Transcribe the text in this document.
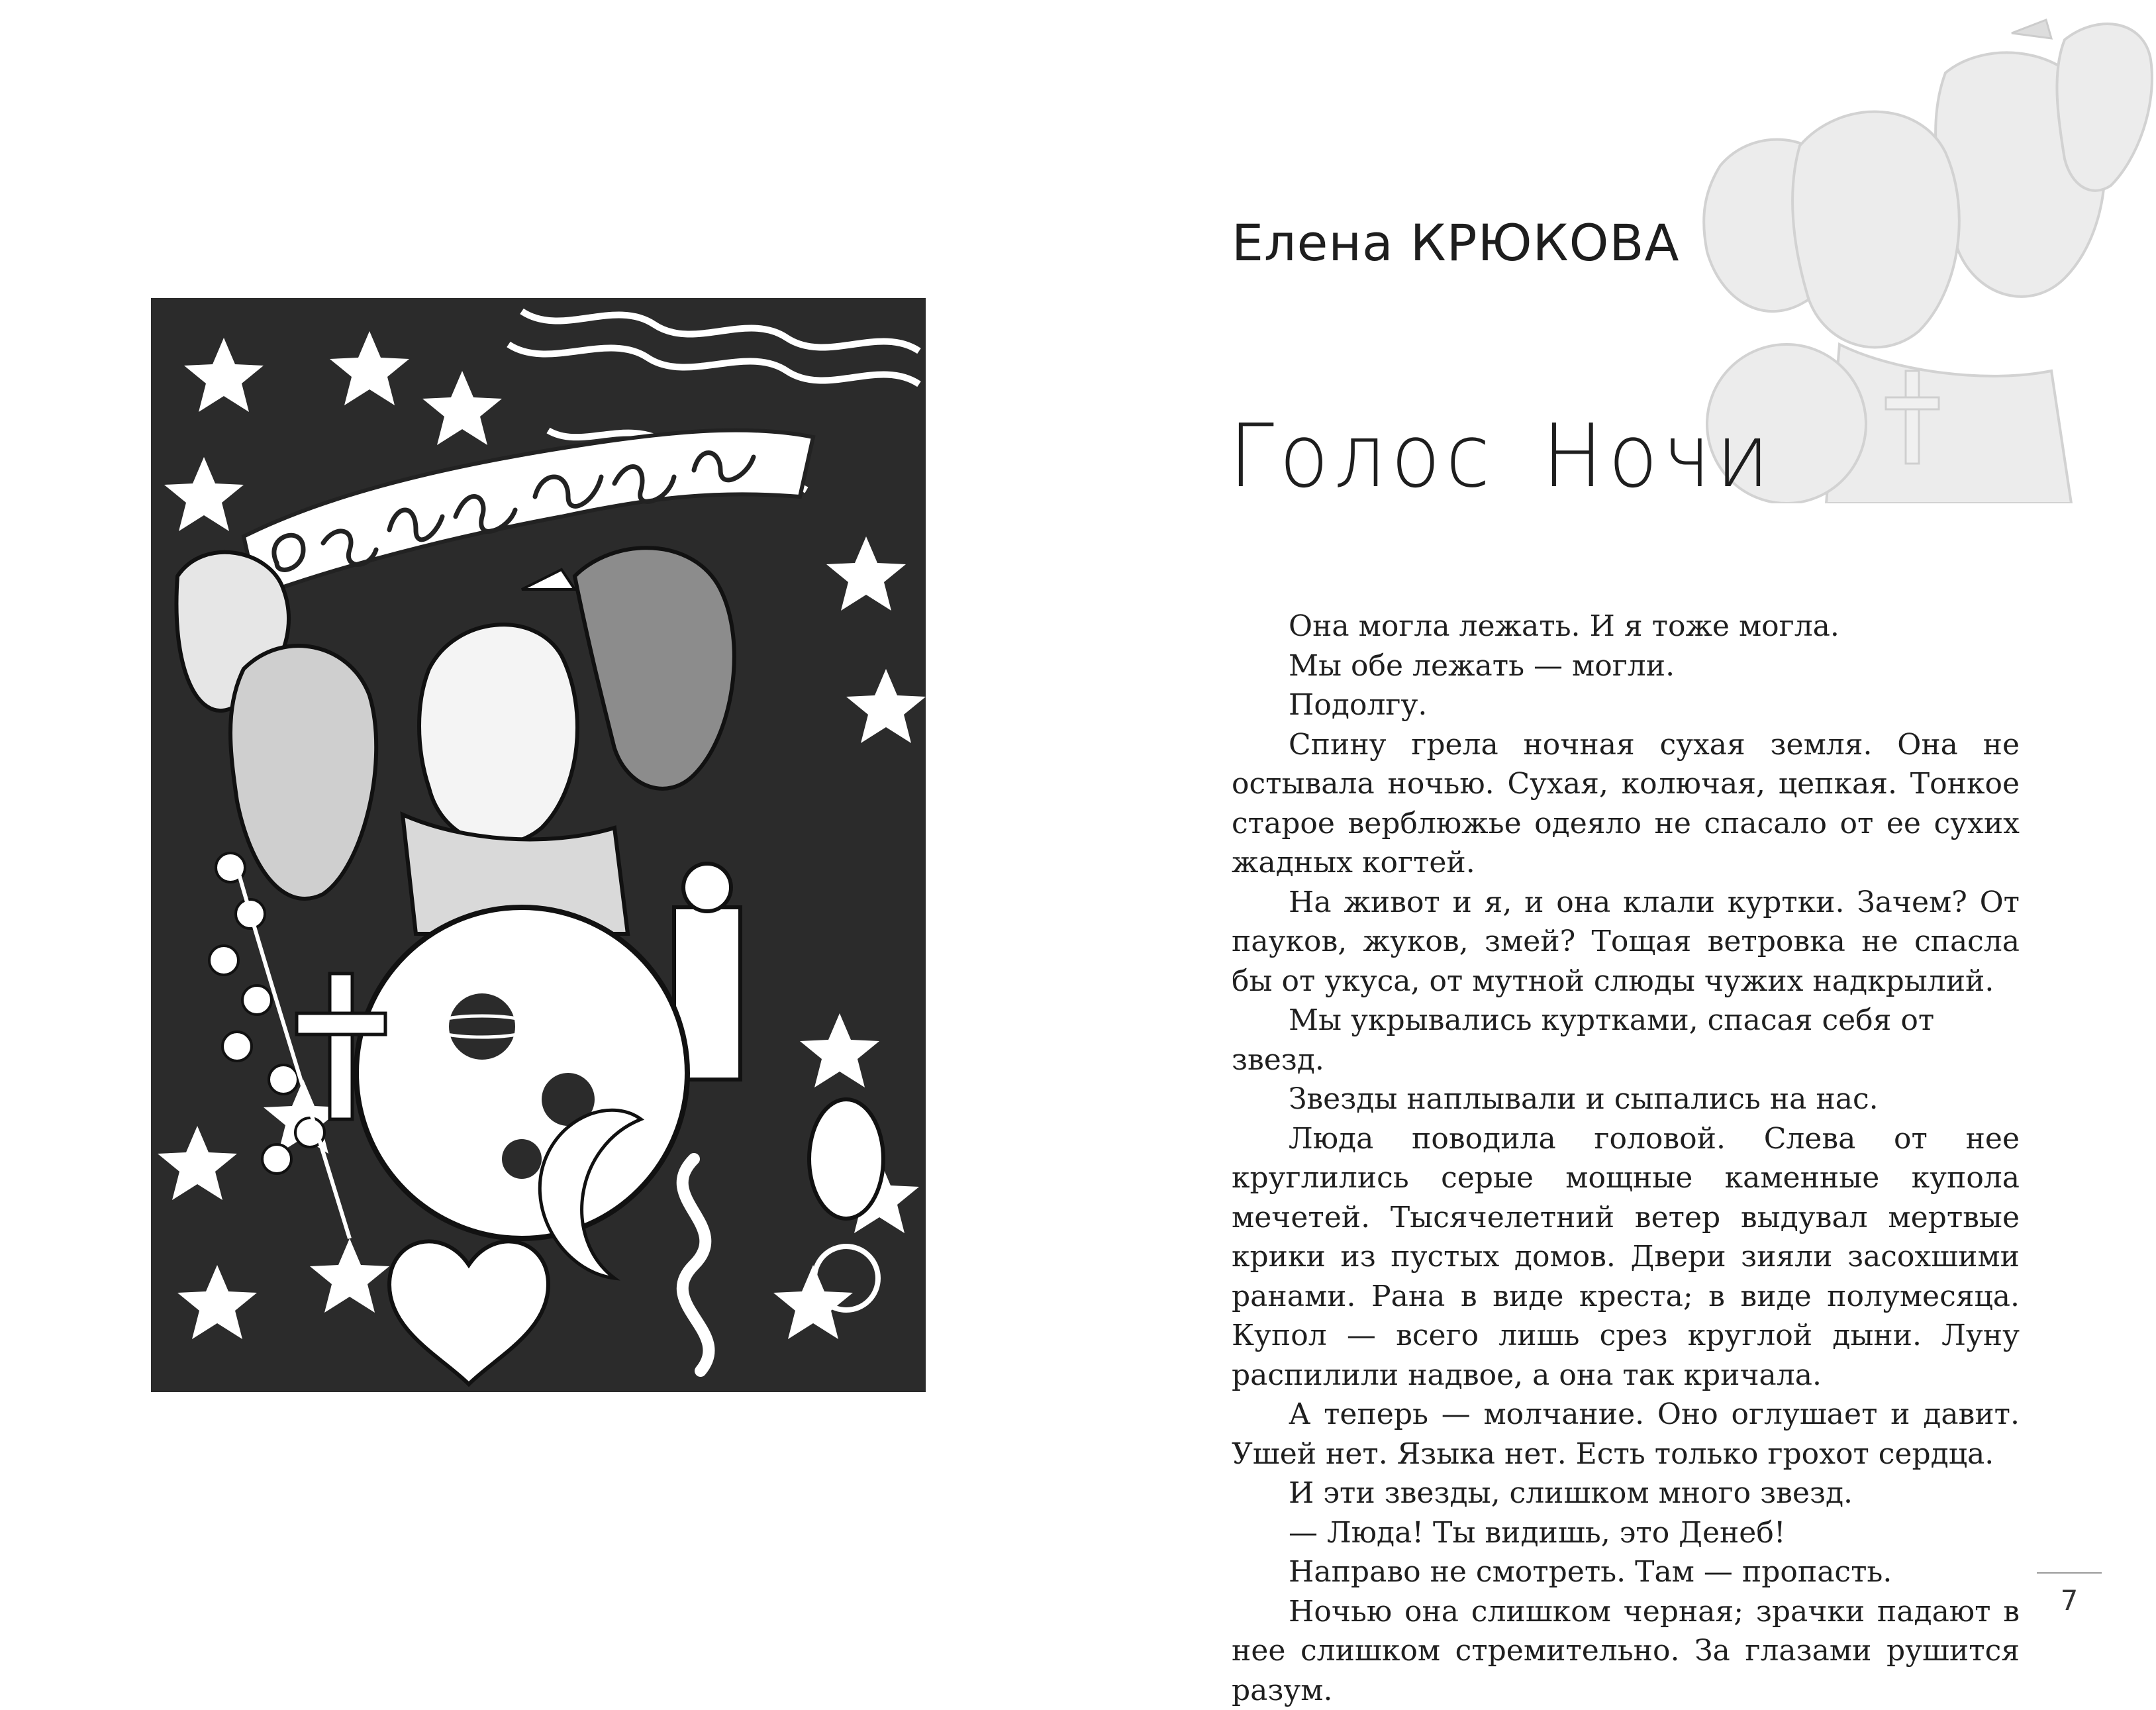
Елена КРЮКОВА
Голос Ночи

Она могла лежать. И я тоже могла.

Мы обе лежать — могли.

Подолгу.

Спину грела ночная сухая земля. Она не остывала ночью. Сухая, колючая, цепкая. Тонкое старое верблюжье одеяло не спасало от ее сухих жадных когтей.

На живот и я, и она клали куртки. Зачем? От пауков, жуков, змей? Тощая ветровка не спасла бы от укуса, от мутной слюды чужих надкрылий.

Мы укрывались куртками, спасая себя от звезд.

Звезды наплывали и сыпались на нас.

Люда поводила головой. Слева от нее круглились серые мощные каменные купола мечетей. Тысячелетний ветер выдувал мертвые крики из пустых домов. Двери зияли засохшими ранами. Рана в виде креста; в виде полумесяца. Купол — всего лишь срез круглой дыни. Луну распилили надвое, а она так кричала.

А теперь — молчание. Оно оглушает и давит. Ушей нет. Языка нет. Есть только грохот сердца.

И эти звезды, слишком много звезд.

— Люда! Ты видишь, это Денеб!

Направо не смотреть. Там — пропасть.

Ночью она слишком черная; зрачки падают в нее слишком стремительно. За глазами рушится разум.

7
